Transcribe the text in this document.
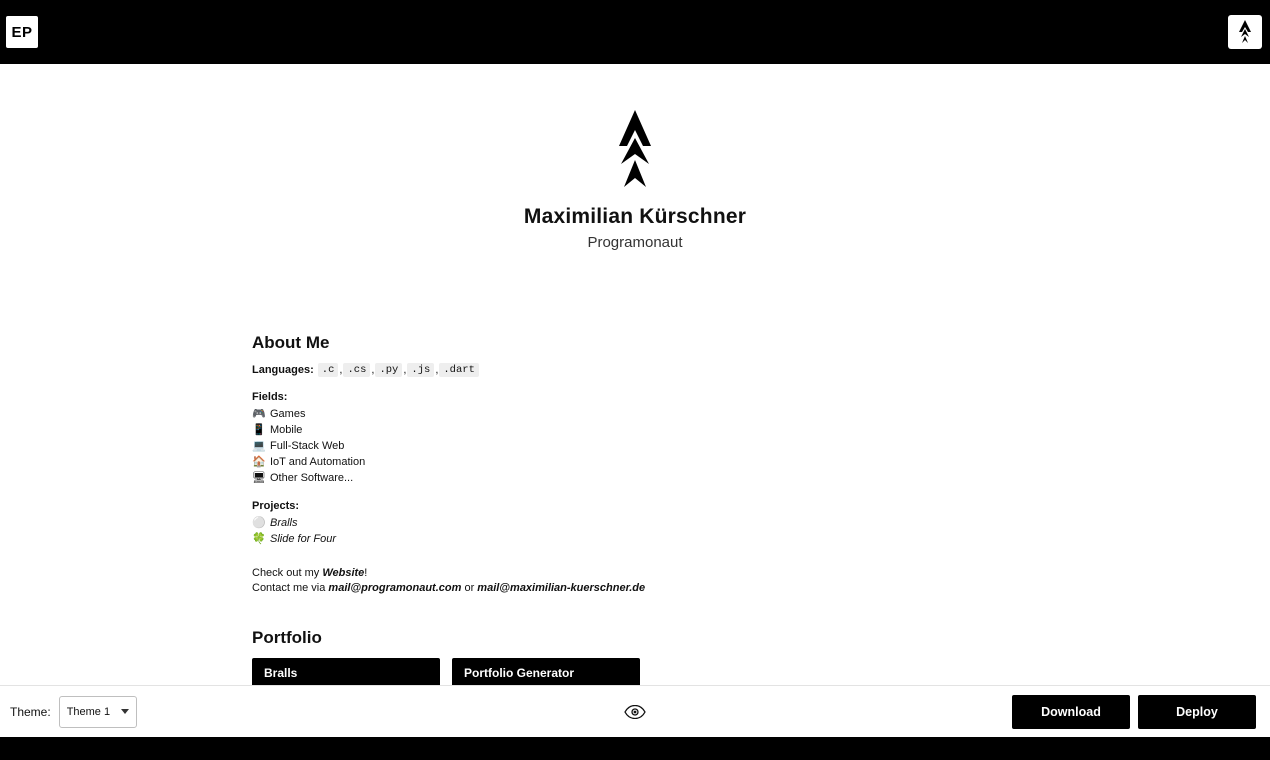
EP
Maximilian Kürschner
Programonaut
About Me
Languages:
.c , .cs , .py , .js , .dart
Fields:
🎮 Games
📱 Mobile
💻 Full-Stack Web
🏠 IoT and Automation
🖥 Other Software...
Projects:
⚪ Bralls
🍀 Slide for Four

Check out my Website!

Contact me via mail@programonaut.com or mail@maximilian-kuerschner.de

Portfolio
Bralls	Portfolio Generator
Theme: Theme 1	Download	Deploy
